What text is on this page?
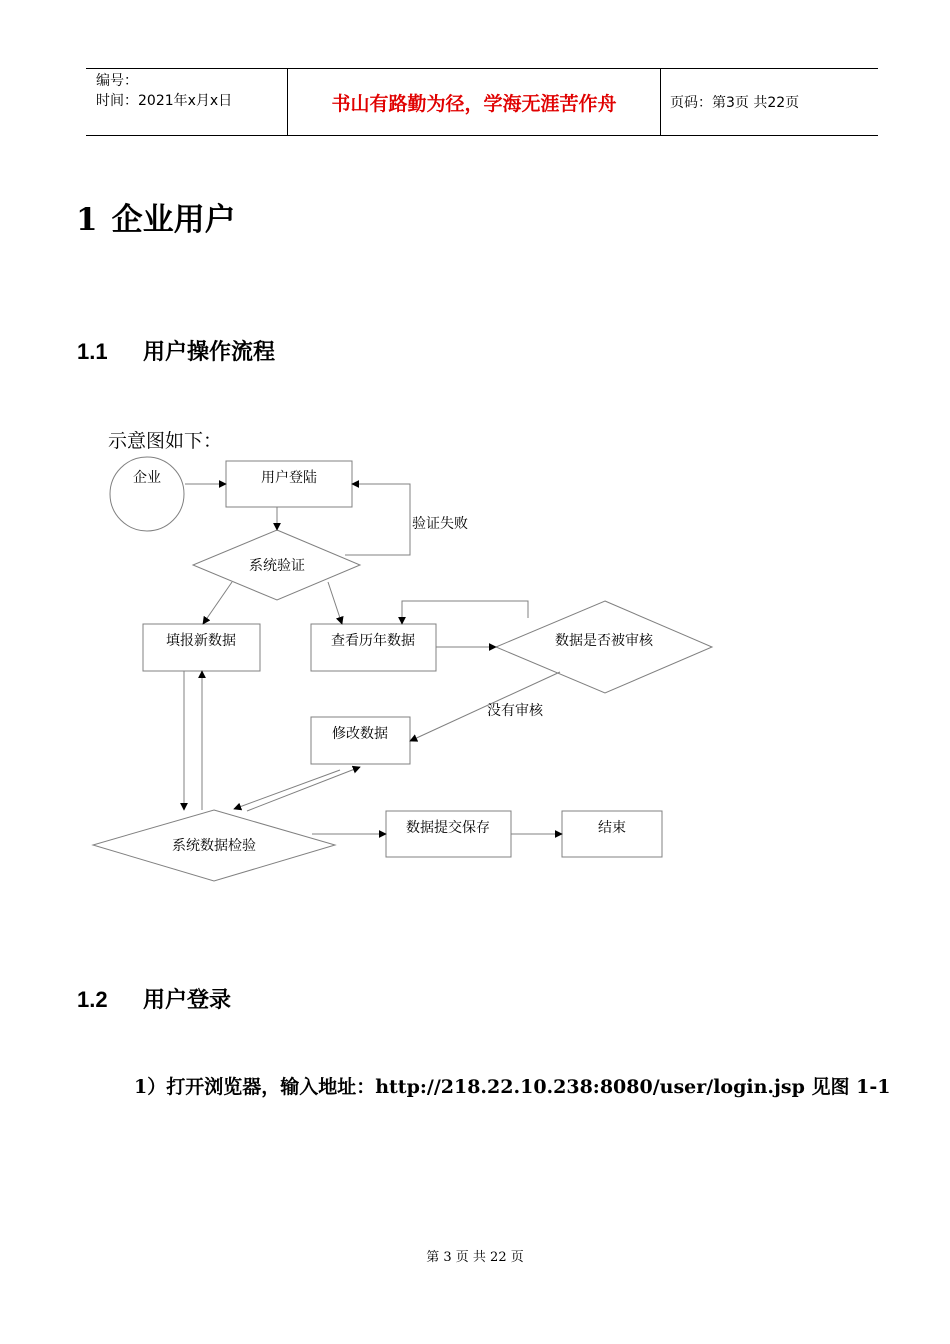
编号：
时间：2021年x月x日	书山有路勤为径，学海无涯苦作舟	页码：第3页 共22页
1 企业用户
1.1 用户操作流程
示意图如下：
企业	用户登陆
验证失败
系统验证
填报新数据	查看历年数据	数据是否被审核
没有审核
修改数据
系统数据检验
数据提交保存	结束
1.2 用户登录
1）打开浏览器，输入地址：http://218.22.10.238:8080/user/login.jsp 见图 1-1
第 3 页 共 22 页
